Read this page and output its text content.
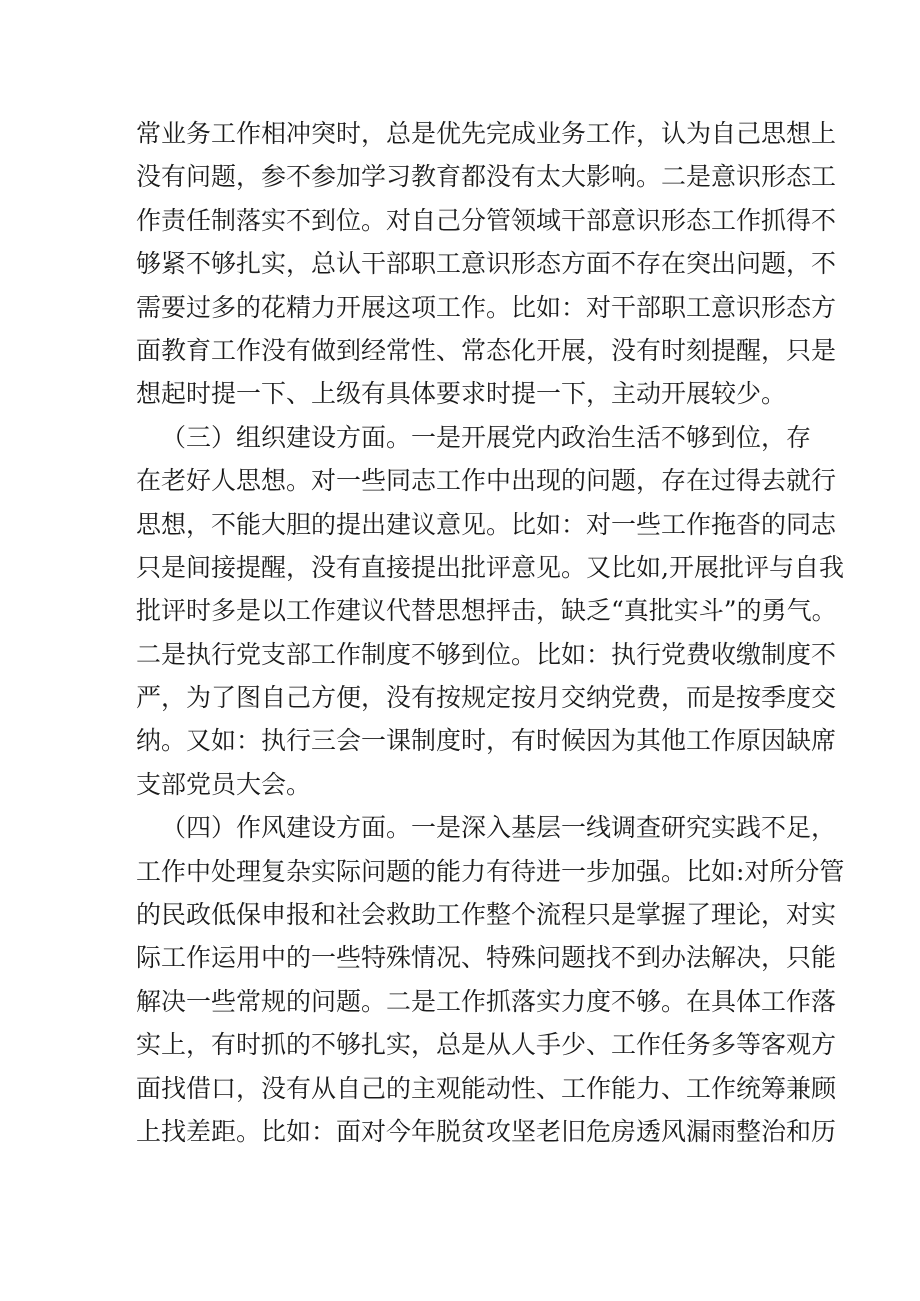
常业务工作相冲突时，总是优先完成业务工作，认为自己思想上
没有问题，参不参加学习教育都没有太大影响。二是意识形态工
作责任制落实不到位。对自己分管领域干部意识形态工作抓得不
够紧不够扎实，总认干部职工意识形态方面不存在突出问题，不
需要过多的花精力开展这项工作。比如：对干部职工意识形态方
面教育工作没有做到经常性、常态化开展，没有时刻提醒，只是
想起时提一下、上级有具体要求时提一下，主动开展较少。
（三）组织建设方面。一是开展党内政治生活不够到位，存
在老好人思想。对一些同志工作中出现的问题，存在过得去就行
思想，不能大胆的提出建议意见。比如：对一些工作拖沓的同志
只是间接提醒，没有直接提出批评意见。又比如,开展批评与自我
批评时多是以工作建议代替思想抨击，缺乏“真批实斗”的勇气。
二是执行党支部工作制度不够到位。比如：执行党费收缴制度不
严，为了图自己方便，没有按规定按月交纳党费，而是按季度交
纳。又如：执行三会一课制度时，有时候因为其他工作原因缺席
支部党员大会。
（四）作风建设方面。一是深入基层一线调查研究实践不足，
工作中处理复杂实际问题的能力有待进一步加强。比如:对所分管
的民政低保申报和社会救助工作整个流程只是掌握了理论，对实
际工作运用中的一些特殊情况、特殊问题找不到办法解决，只能
解决一些常规的问题。二是工作抓落实力度不够。在具体工作落
实上，有时抓的不够扎实，总是从人手少、工作任务多等客观方
面找借口，没有从自己的主观能动性、工作能力、工作统筹兼顾
上找差距。比如：面对今年脱贫攻坚老旧危房透风漏雨整治和历
